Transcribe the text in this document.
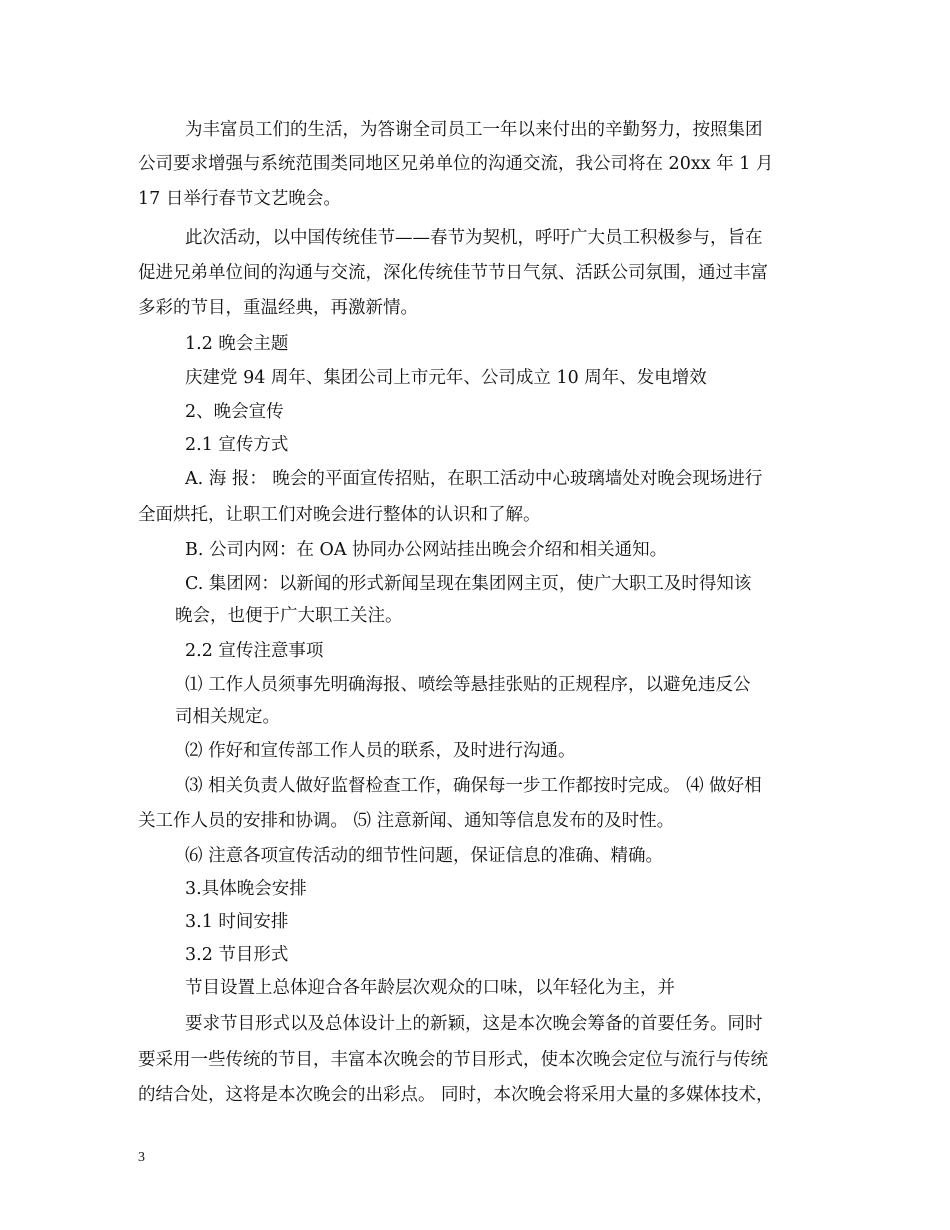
为丰富员工们的生活，为答谢全司员工一年以来付出的辛勤努力，按照集团
公司要求增强与系统范围类同地区兄弟单位的沟通交流，我公司将在 20xx 年 1 月
17 日举行春节文艺晚会。
此次活动，以中国传统佳节——春节为契机，呼吁广大员工积极参与，旨在
促进兄弟单位间的沟通与交流，深化传统佳节节日气氛、活跃公司氛围，通过丰富
多彩的节目，重温经典，再激新情。
1.2 晚会主题
庆建党 94 周年、集团公司上市元年、公司成立 10 周年、发电增效
2、晚会宣传
2.1 宣传方式
A. 海 报： 晚会的平面宣传招贴，在职工活动中心玻璃墙处对晚会现场进行
全面烘托，让职工们对晚会进行整体的认识和了解。
B. 公司内网：在 OA 协同办公网站挂出晚会介绍和相关通知。
C. 集团网：以新闻的形式新闻呈现在集团网主页，使广大职工及时得知该
晚会，也便于广大职工关注。
2.2 宣传注意事项
⑴ 工作人员须事先明确海报、喷绘等悬挂张贴的正规程序，以避免违反公
司相关规定。
⑵ 作好和宣传部工作人员的联系，及时进行沟通。
⑶ 相关负责人做好监督检查工作，确保每一步工作都按时完成。 ⑷ 做好相
关工作人员的安排和协调。 ⑸ 注意新闻、通知等信息发布的及时性。
⑹ 注意各项宣传活动的细节性问题，保证信息的准确、精确。
3.具体晚会安排
3.1 时间安排
3.2 节目形式
节目设置上总体迎合各年龄层次观众的口味，以年轻化为主，并
要求节目形式以及总体设计上的新颖，这是本次晚会筹备的首要任务。同时
要采用一些传统的节目，丰富本次晚会的节目形式，使本次晚会定位与流行与传统
的结合处，这将是本次晚会的出彩点。 同时，本次晚会将采用大量的多媒体技术，
3
